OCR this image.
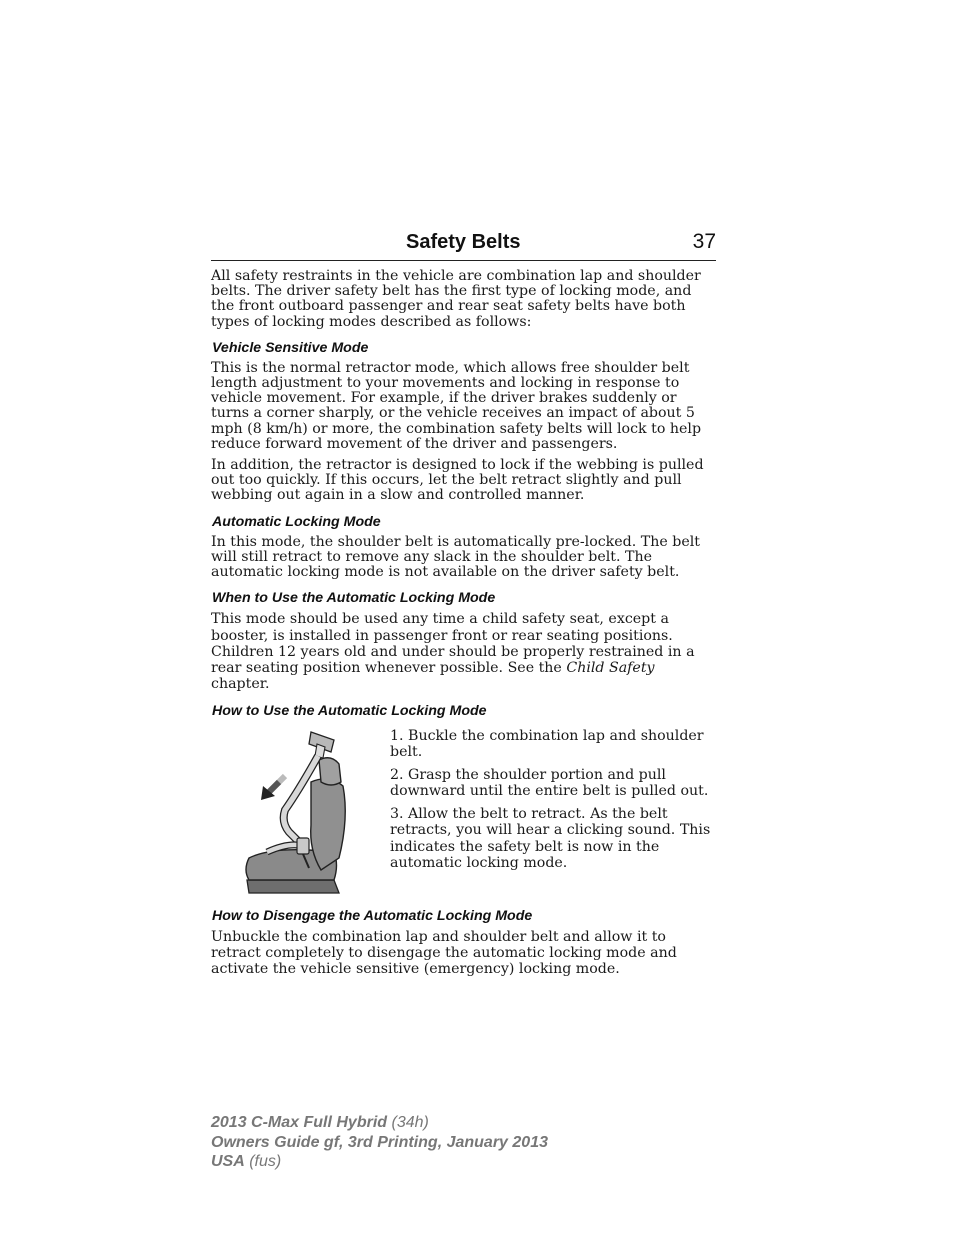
Safety Belts	37

All safety restraints in the vehicle are combination lap and shoulder belts. The driver safety belt has the first type of locking mode, and the front outboard passenger and rear seat safety belts have both types of locking modes described as follows:

Vehicle Sensitive Mode

This is the normal retractor mode, which allows free shoulder belt length adjustment to your movements and locking in response to vehicle movement. For example, if the driver brakes suddenly or turns a corner sharply, or the vehicle receives an impact of about 5 mph (8 km/h) or more, the combination safety belts will lock to help reduce forward movement of the driver and passengers.

In addition, the retractor is designed to lock if the webbing is pulled out too quickly. If this occurs, let the belt retract slightly and pull webbing out again in a slow and controlled manner.

Automatic Locking Mode

In this mode, the shoulder belt is automatically pre-locked. The belt will still retract to remove any slack in the shoulder belt. The automatic locking mode is not available on the driver safety belt.

When to Use the Automatic Locking Mode

This mode should be used any time a child safety seat, except a booster, is installed in passenger front or rear seating positions. Children 12 years old and under should be properly restrained in a rear seating position whenever possible. See the Child Safety chapter.

How to Use the Automatic Locking Mode

1. Buckle the combination lap and shoulder belt.

2. Grasp the shoulder portion and pull downward until the entire belt is pulled out.

3. Allow the belt to retract. As the belt retracts, you will hear a clicking sound. This indicates the safety belt is now in the automatic locking mode.

How to Disengage the Automatic Locking Mode

Unbuckle the combination lap and shoulder belt and allow it to retract completely to disengage the automatic locking mode and activate the vehicle sensitive (emergency) locking mode.

2013 C-Max Full Hybrid (34h)
Owners Guide gf, 3rd Printing, January 2013
USA (fus)
